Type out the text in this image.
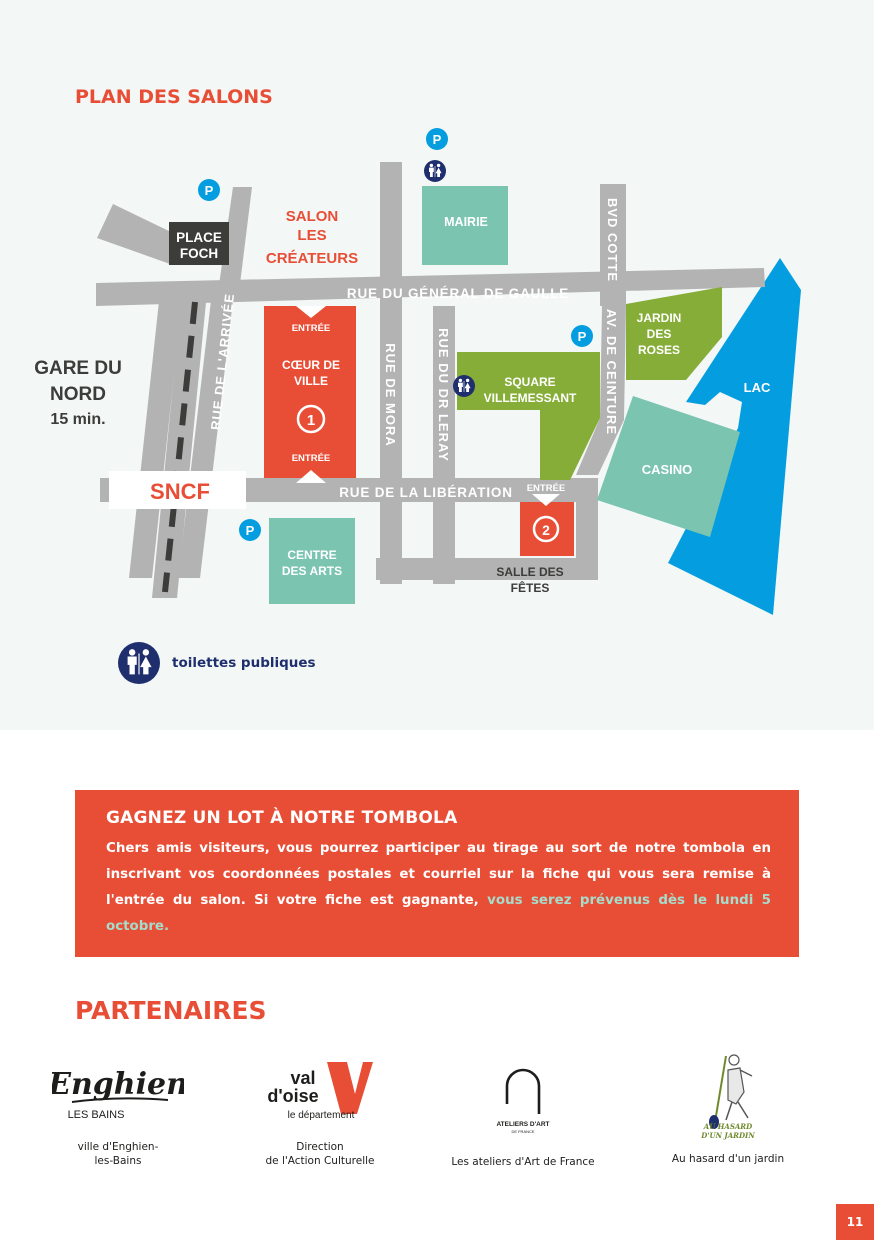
PLAN DES SALONS
1
2
P
P
P
P
RUE DU GÉNÉRAL DE GAULLE
RUE DE LA LIBÉRATION
RUE DE L'ARRIVÉE	RUE DE MORA	RUE DU DR LERAY
BVD COTTE
AV. DE CEINTURE
PLACE
FOCH
MAIRIE
JARDIN
DES
ROSES
LAC
CASINO
SQUARE
VILLEMESSANT
CENTRE
DES ARTS	SALLE DES
FÊTES
CŒUR DE
VILLE
SNCF
ENTRÉE
ENTRÉE
ENTRÉE
SALON
LES
CRÉATEURS
GARE DU
NORD
15 min.
toilettes publiques
GAGNEZ UN LOT À NOTRE TOMBOLA

Chers amis visiteurs, vous pourrez participer au tirage au sort de notre tombola en inscrivant vos coordonnées postales et courriel sur la fiche qui vous sera remise à l'entrée du salon. Si votre fiche est gagnante, vous serez prévenus dès le lundi 5 octobre.

PARTENAIRES
Enghien
LES BAINS
ville d'Enghien-
les-Bains
val
d'oise
le département
Direction
de l'Action Culturelle
ATELIERS D'ART
DE FRANCE
Les ateliers d'Art de France
AU HASARD
D'UN JARDIN
Au hasard d'un jardin
11
